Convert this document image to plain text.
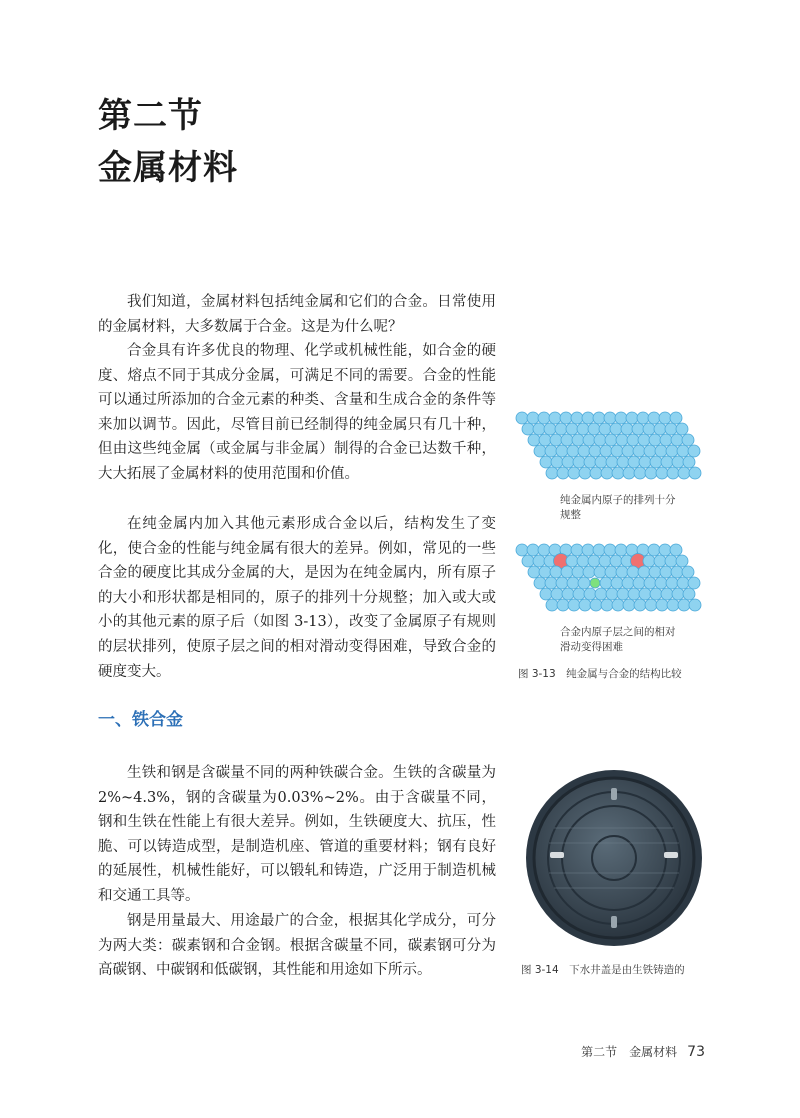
第二节
金属材料

我们知道，金属材料包括纯金属和它们的合金。日常使用的金属材料，大多数属于合金。这是为什么呢？

合金具有许多优良的物理、化学或机械性能，如合金的硬度、熔点不同于其成分金属，可满足不同的需要。合金的性能可以通过所添加的合金元素的种类、含量和生成合金的条件等来加以调节。因此，尽管目前已经制得的纯金属只有几十种，但由这些纯金属（或金属与非金属）制得的合金已达数千种，大大拓展了金属材料的使用范围和价值。

在纯金属内加入其他元素形成合金以后，结构发生了变化，使合金的性能与纯金属有很大的差异。例如，常见的一些合金的硬度比其成分金属的大，是因为在纯金属内，所有原子的大小和形状都是相同的，原子的排列十分规整；加入或大或小的其他元素的原子后（如图 3-13），改变了金属原子有规则的层状排列，使原子层之间的相对滑动变得困难，导致合金的硬度变大。

一、铁合金

生铁和钢是含碳量不同的两种铁碳合金。生铁的含碳量为2%~4.3%，钢的含碳量为0.03%~2%。由于含碳量不同，钢和生铁在性能上有很大差异。例如，生铁硬度大、抗压，性脆、可以铸造成型，是制造机座、管道的重要材料；钢有良好的延展性，机械性能好，可以锻轧和铸造，广泛用于制造机械和交通工具等。

钢是用量最大、用途最广的合金，根据其化学成分，可分为两大类：碳素钢和合金钢。根据含碳量不同，碳素钢可分为高碳钢、中碳钢和低碳钢，其性能和用途如下所示。

纯金属内原子的排列十分规整
合金内原子层之间的相对滑动变得困难
图 3-13　纯金属与合金的结构比较
图 3-14　下水井盖是由生铁铸造的
第二节　金属材料 73
